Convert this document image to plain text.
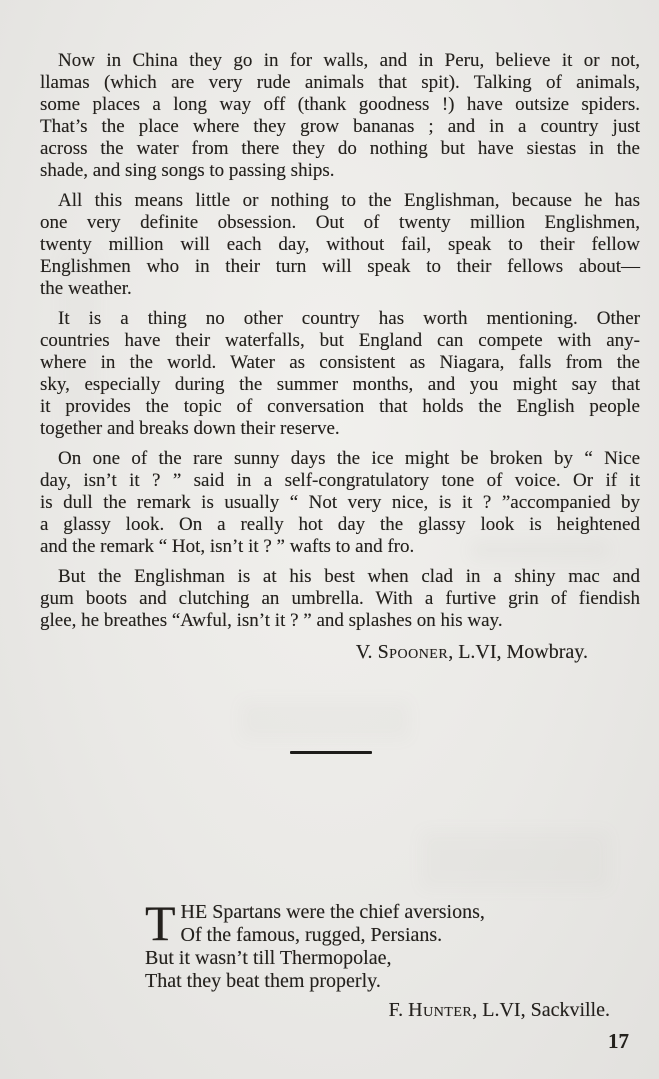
Now in China they go in for walls, and in Peru, believe it or not,
llamas (which are very rude animals that spit). Talking of animals,
some places a long way off (thank goodness !) have outsize spiders.
That’s the place where they grow bananas ; and in a country just
across the water from there they do nothing but have siestas in the
shade, and sing songs to passing ships.
All this means little or nothing to the Englishman, because he has
one very definite obsession. Out of twenty million Englishmen,
twenty million will each day, without fail, speak to their fellow
Englishmen who in their turn will speak to their fellows about—
the weather.
It is a thing no other country has worth mentioning. Other
countries have their waterfalls, but England can compete with any-
where in the world. Water as consistent as Niagara, falls from the
sky, especially during the summer months, and you might say that
it provides the topic of conversation that holds the English people
together and breaks down their reserve.
On one of the rare sunny days the ice might be broken by “ Nice
day, isn’t it ? ” said in a self-congratulatory tone of voice. Or if it
is dull the remark is usually “ Not very nice, is it ? ”accompanied by
a glassy look. On a really hot day the glassy look is heightened
and the remark “ Hot, isn’t it ? ” wafts to and fro.
But the Englishman is at his best when clad in a shiny mac and
gum boots and clutching an umbrella. With a furtive grin of fiendish
glee, he breathes “Awful, isn’t it ? ” and splashes on his way.
V. Spooner, L.VI, Mowbray.
T HE Spartans were the chief aversions,
Of the famous, rugged, Persians.
But it wasn’t till Thermopolae,
That they beat them properly.
F. Hunter, L.VI, Sackville.
17
